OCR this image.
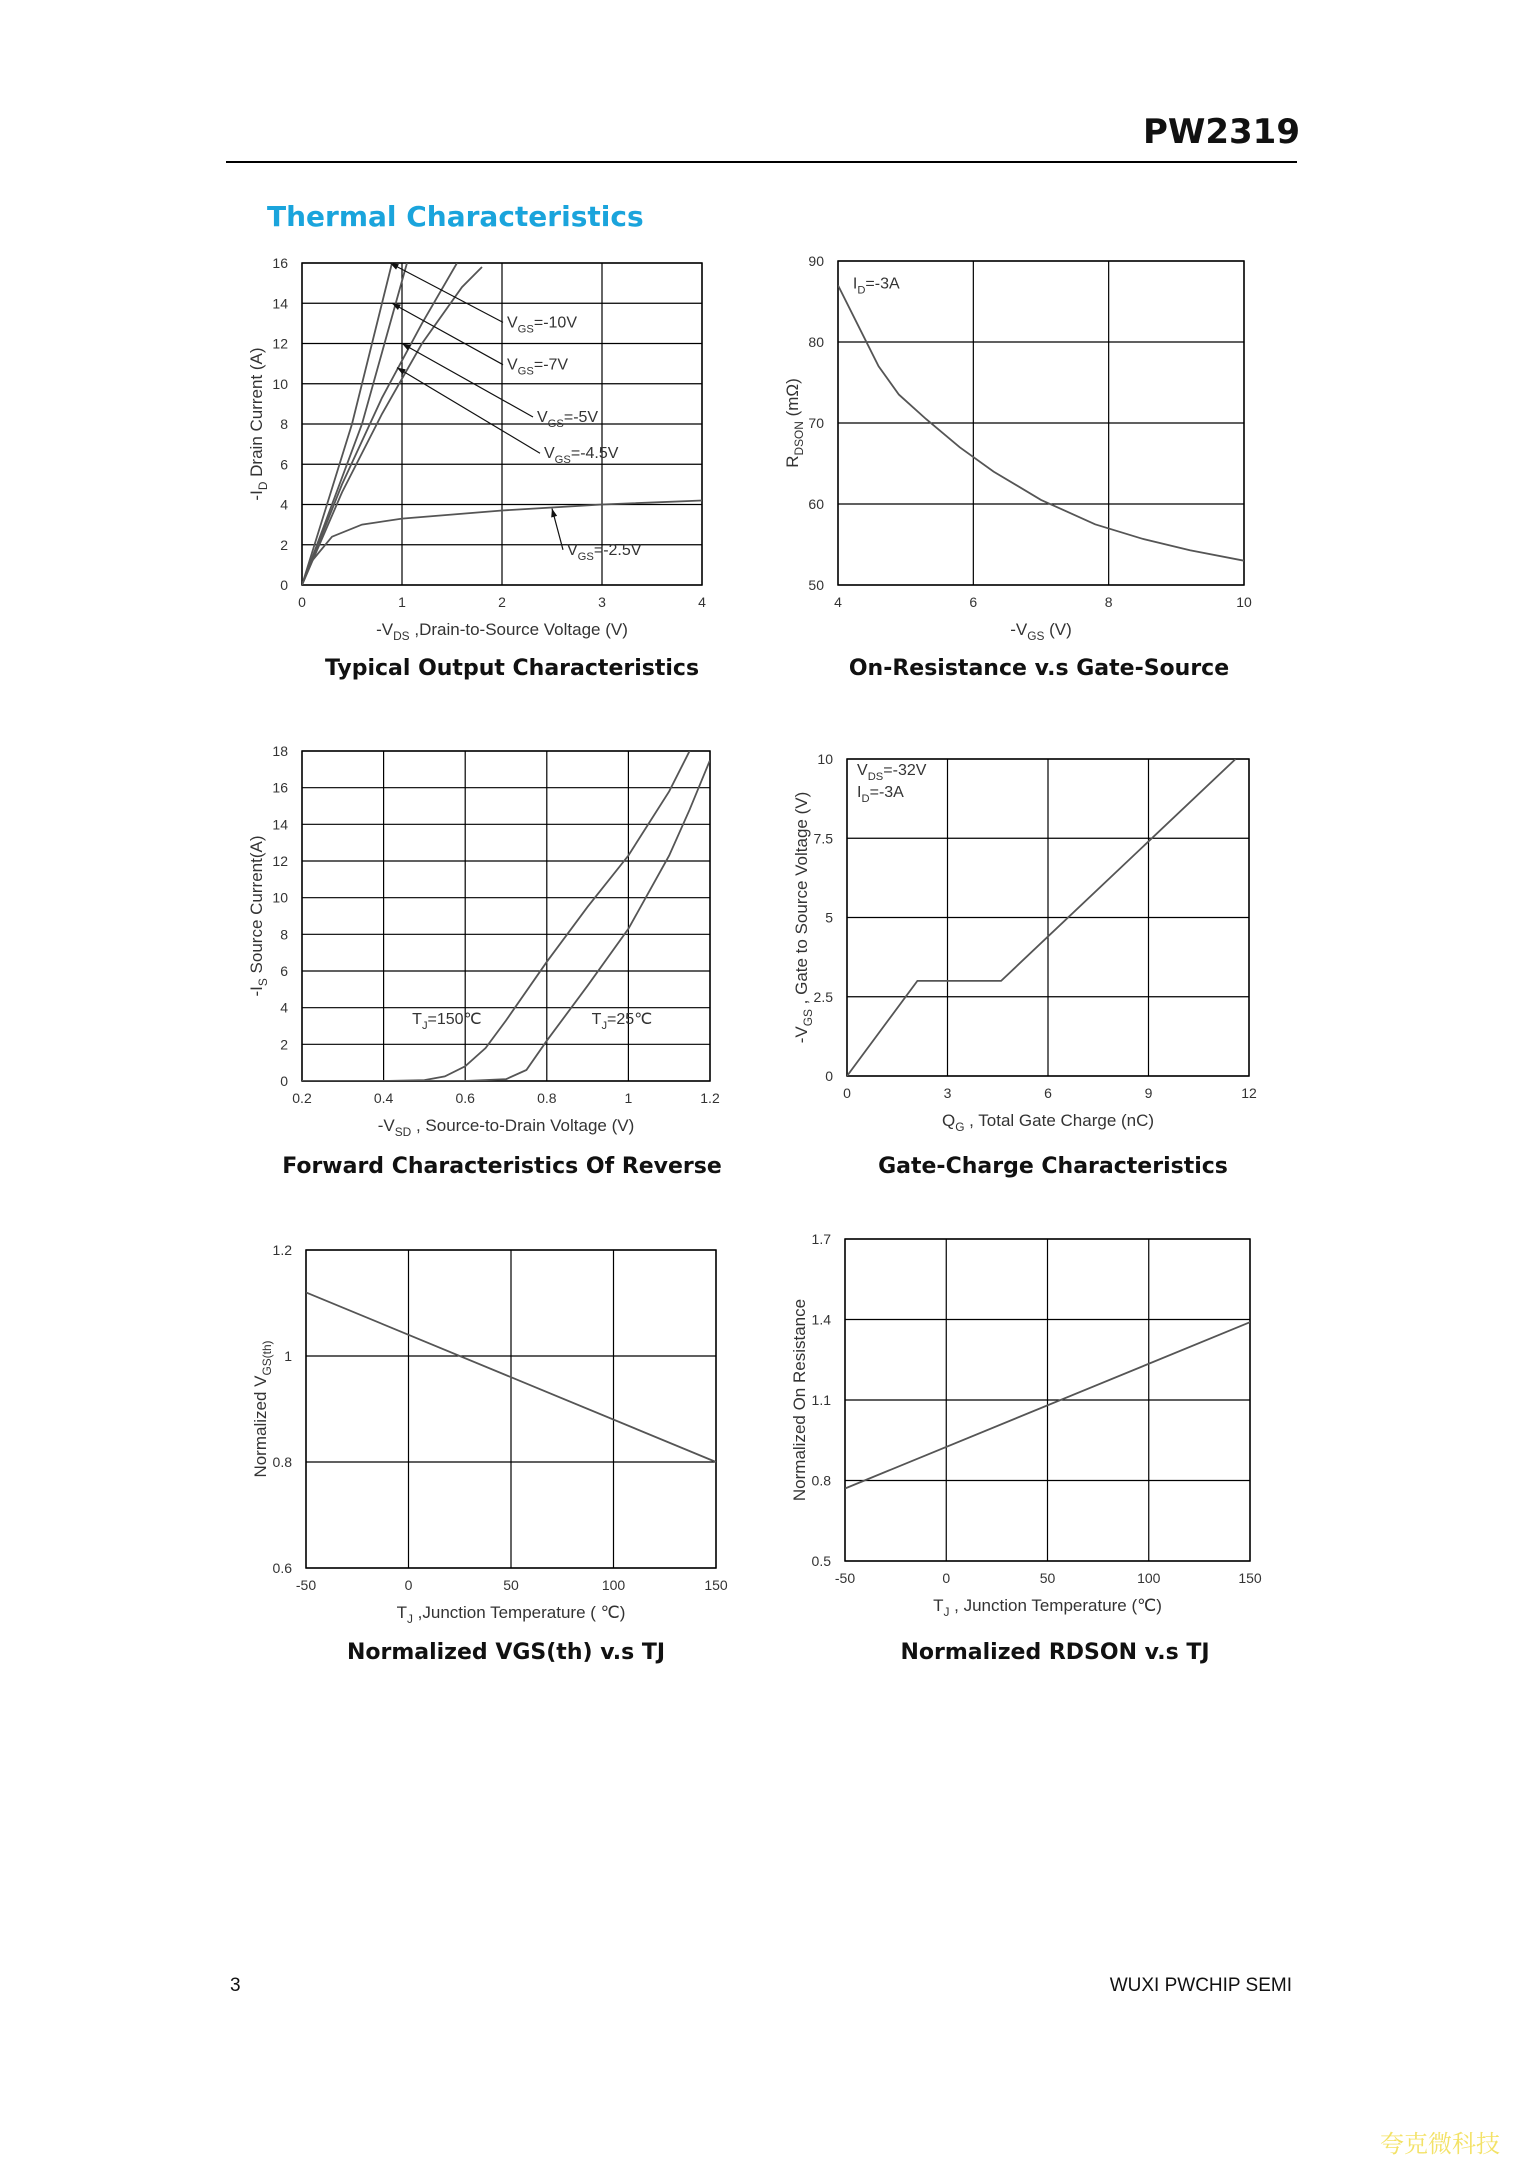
PW2319
Thermal Characteristics
0	1	2	3	4
0
2
4
6
8
10
12
14
16
$V_{GS}=-10V$
$V_{GS}=-7V$
$V_{GS}=-5V$
$V_{GS}=-4.5V$
$V_{GS}=-2.5V$
$-V_{DS}$ ,Drain-to-Source Voltage (V)
$-I_D$ Drain Current (A)
4	6	8	10
50
60
70
80
90
$I_D=-3A$
$-V_{GS}$ (V)
$R_{DSON}$ (mΩ)
0.2	0.4	0.6	0.8	1	1.2
0
2
4
6
8
10
12
14
16
18
$T_J=150℃$	$T_J=25℃$
$-V_{SD}$ , Source-to-Drain Voltage (V)
$-I_S$ Source Current(A)
0	3	6	9	12
0
2.5
5
7.5
10
$V_{DS}=-32V$
$I_D=-3A$
$Q_G$ , Total Gate Charge (nC)
$-V_{GS}$ , Gate to Source Voltage (V)
-50	0	50	100	150
0.6
0.8
1
1.2
$T_J$ ,Junction Temperature ( ℃)
Normalized $V_{GS(th)}$
-50	0	50	100	150
0.5
0.8
1.1
1.4
1.7
$T_J$ , Junction Temperature (℃)
Normalized On Resistance
Typical Output Characteristics	On-Resistance v.s Gate-Source
Forward Characteristics Of Reverse	Gate-Charge Characteristics
Normalized VGS(th) v.s TJ	Normalized RDSON v.s TJ
3	WUXI PWCHIP SEMI
夸克微科技
